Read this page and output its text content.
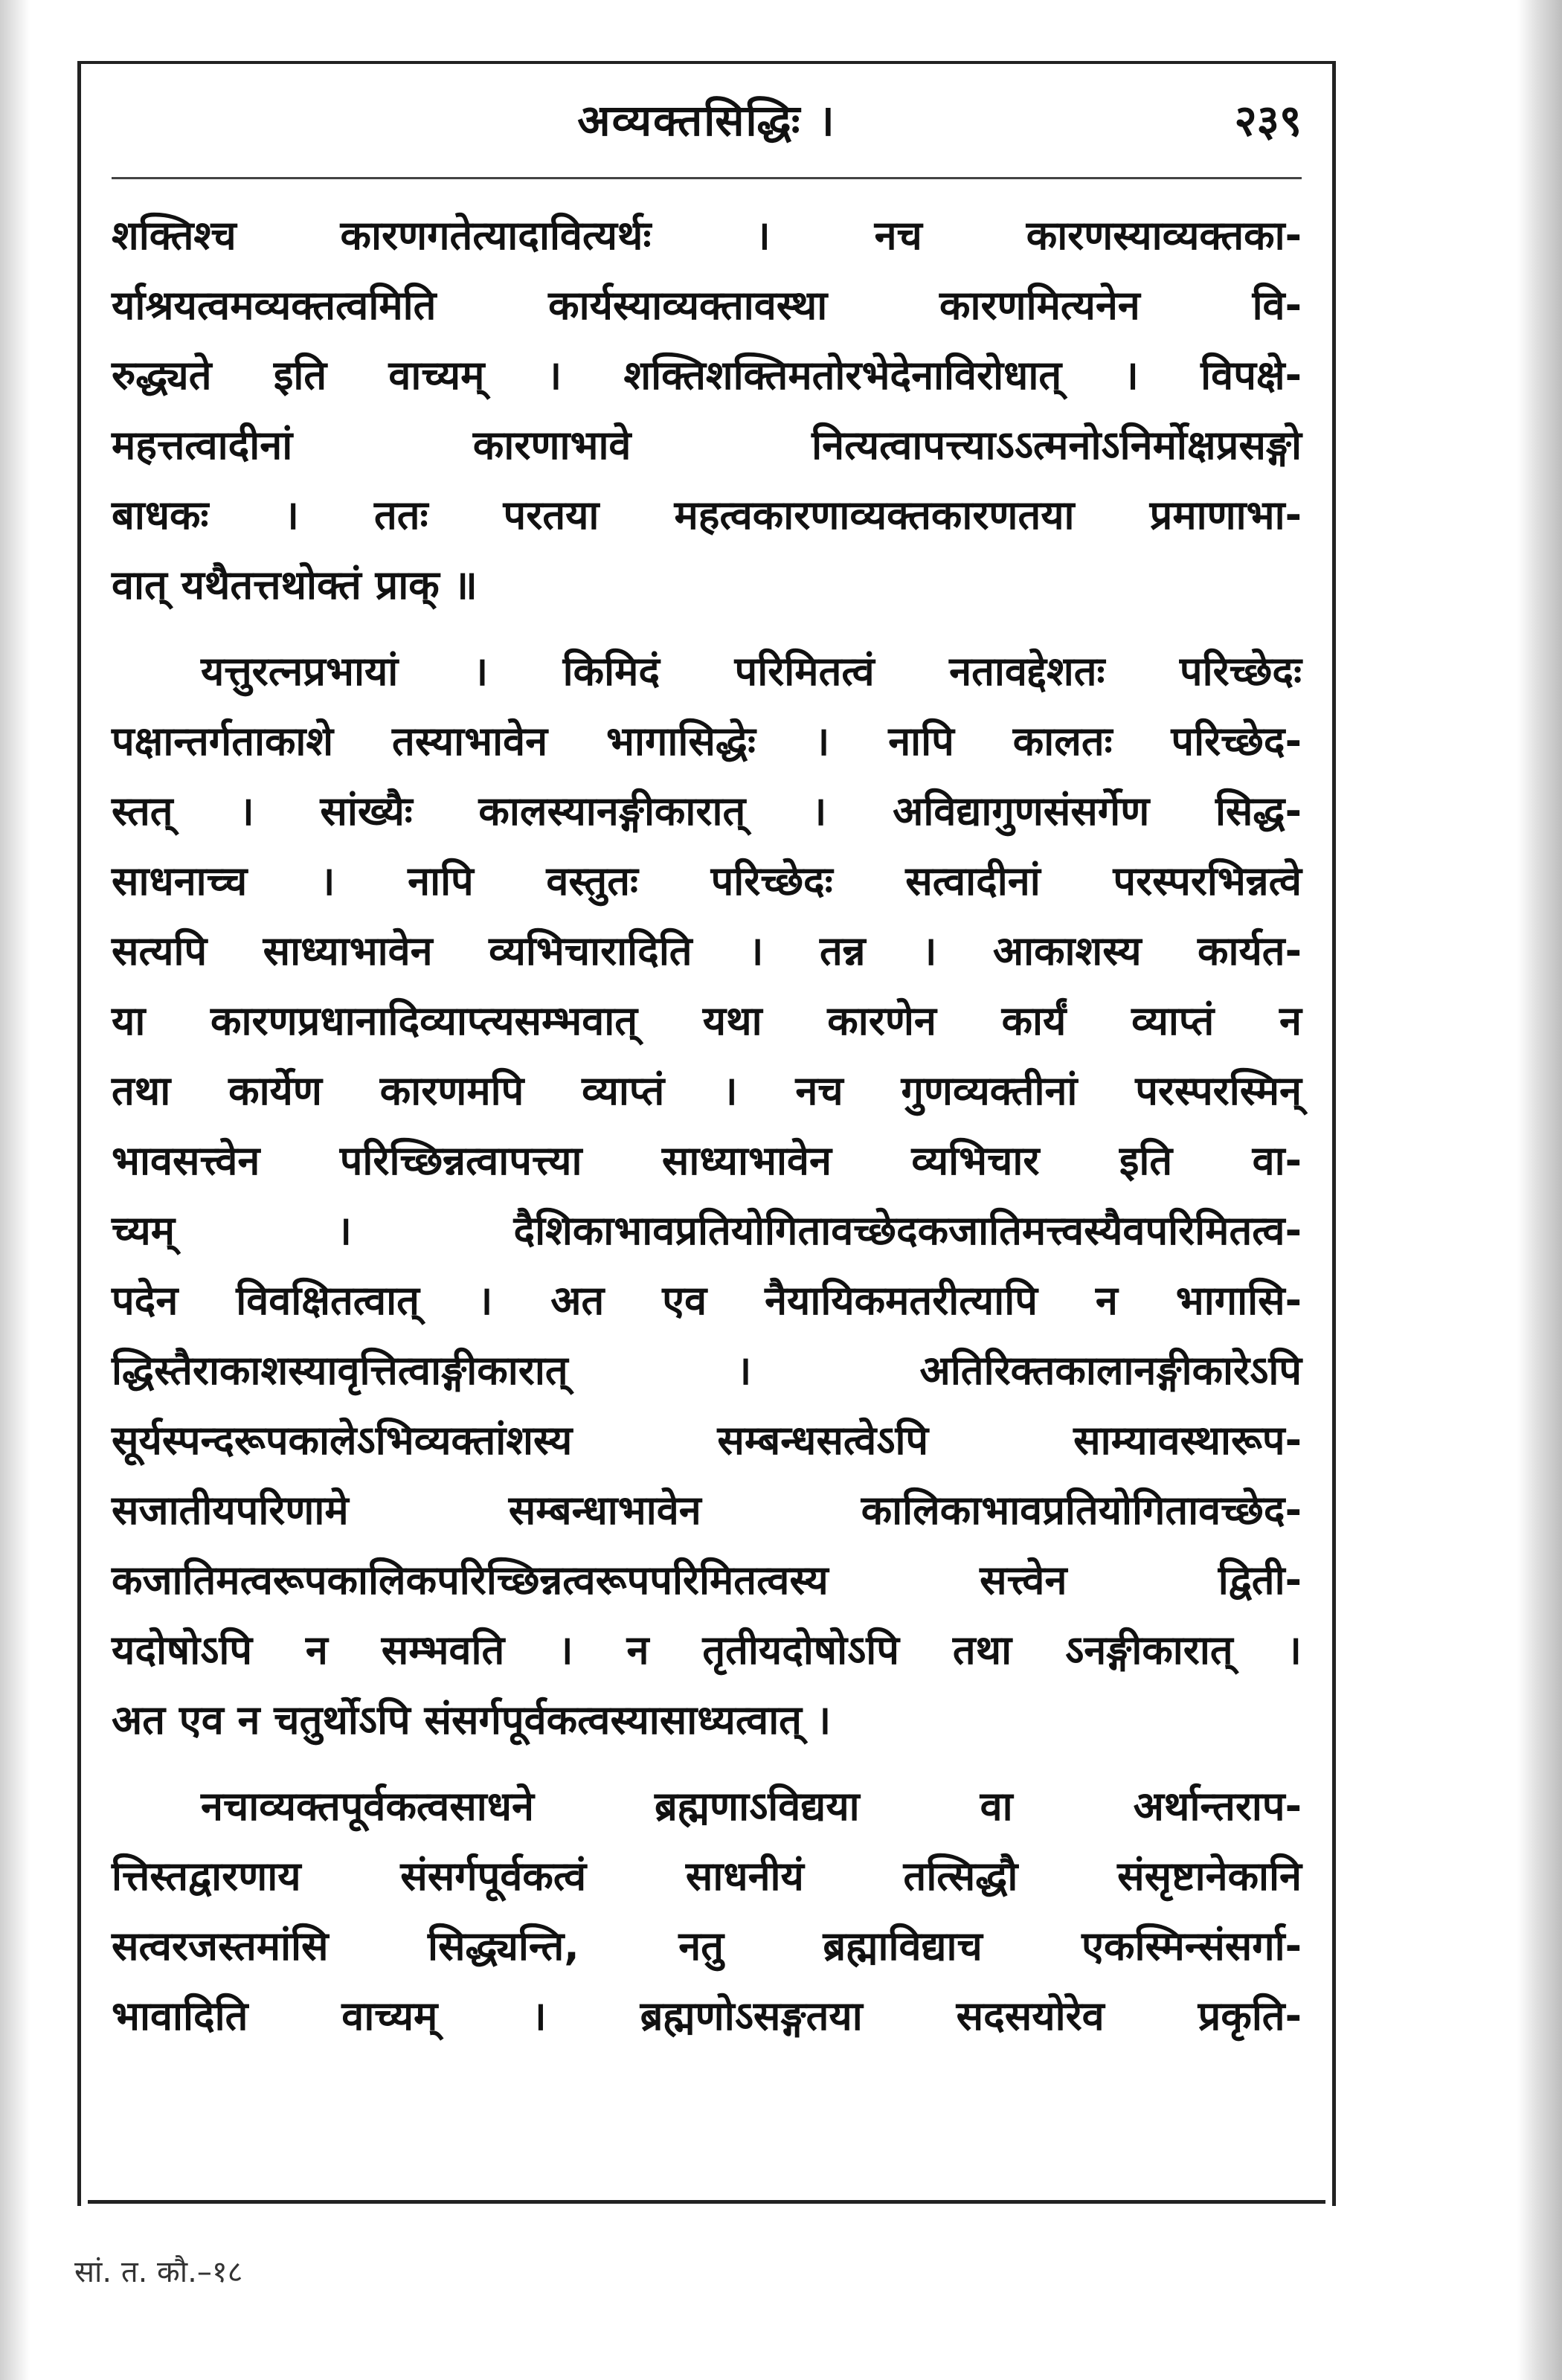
अव्यक्तसिद्धिः ।	२३९
शक्तिश्च कारणगतेत्यादावित्यर्थः । नच कारणस्याव्यक्तका-
र्याश्रयत्वमव्यक्तत्वमिति कार्यस्याव्यक्तावस्था कारणमित्यनेन वि-
रुद्ध्यते इति वाच्यम् । शक्तिशक्तिमतोरभेदेनाविरोधात् । विपक्षे-
महत्तत्वादीनां कारणाभावे नित्यत्वापत्त्याऽऽत्मनोऽनिर्मोक्षप्रसङ्गो
बाधकः । ततः परतया महत्वकारणाव्यक्तकारणतया प्रमाणाभा-
वात् यथैतत्तथोक्तं प्राक् ॥
यत्तुरत्नप्रभायां । किमिदं परिमितत्वं नतावद्देशतः परिच्छेदः
पक्षान्तर्गताकाशे तस्याभावेन भागासिद्धेः । नापि कालतः परिच्छेद-
स्तत् । सांख्यैः कालस्यानङ्गीकारात् । अविद्यागुणसंसर्गेण सिद्ध-
साधनाच्च । नापि वस्तुतः परिच्छेदः सत्वादीनां परस्परभिन्नत्वे
सत्यपि साध्याभावेन व्यभिचारादिति । तन्न । आकाशस्य कार्यत-
या कारणप्रधानादिव्याप्त्यसम्भवात् यथा कारणेन कार्यं व्याप्तं न
तथा कार्येण कारणमपि व्याप्तं । नच गुणव्यक्तीनां परस्परस्मिन्
भावसत्त्वेन परिच्छिन्नत्वापत्त्या साध्याभावेन व्यभिचार इति वा-
च्यम् । दैशिकाभावप्रतियोगितावच्छेदकजातिमत्त्वस्यैवपरिमितत्व-
पदेन विवक्षितत्वात् । अत एव नैयायिकमतरीत्यापि न भागासि-
द्धिस्तैराकाशस्यावृत्तित्वाङ्गीकारात् । अतिरिक्तकालानङ्गीकारेऽपि
सूर्यस्पन्दरूपकालेऽभिव्यक्तांशस्य सम्बन्धसत्वेऽपि साम्यावस्थारूप-
सजातीयपरिणामे सम्बन्धाभावेन कालिकाभावप्रतियोगितावच्छेद-
कजातिमत्वरूपकालिकपरिच्छिन्नत्वरूपपरिमितत्वस्य सत्त्वेन द्विती-
यदोषोऽपि न सम्भवति । न तृतीयदोषोऽपि तथा ऽनङ्गीकारात् ।
अत एव न चतुर्थोऽपि संसर्गपूर्वकत्वस्यासाध्यत्वात् ।
नचाव्यक्तपूर्वकत्वसाधने ब्रह्मणाऽविद्यया वा अर्थान्तराप-
त्तिस्तद्वारणाय संसर्गपूर्वकत्वं साधनीयं तत्सिद्धौ संसृष्टानेकानि
सत्वरजस्तमांसि सिद्ध्यन्ति, नतु ब्रह्माविद्याच एकस्मिन्संसर्गा-
भावादिति वाच्यम् । ब्रह्मणोऽसङ्गतया सदसयोरेव प्रकृति-
सां. त. कौ.–१८
